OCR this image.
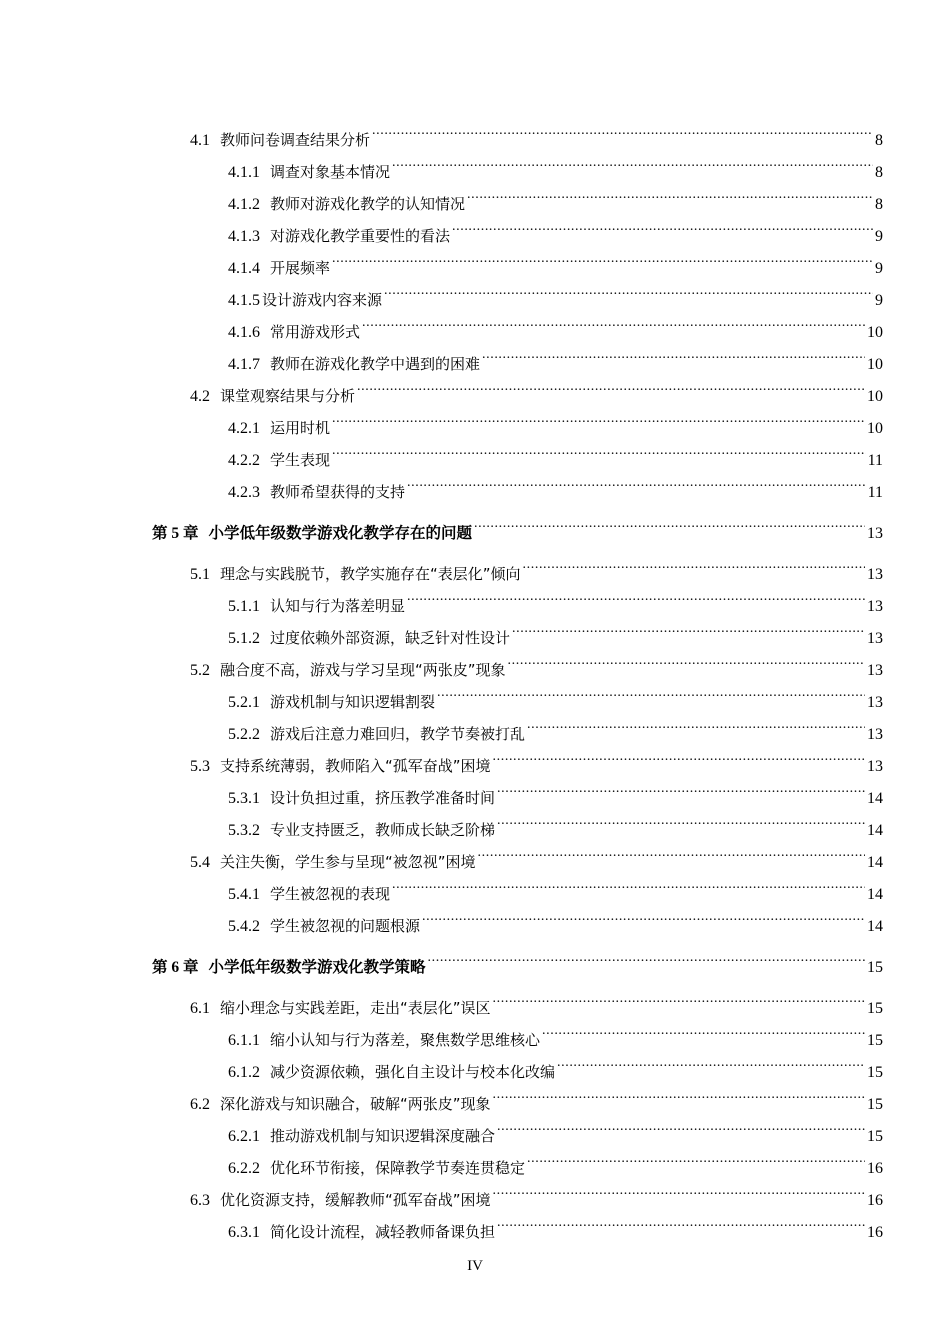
4.1 教师问卷调查结果分析 .....	8
4.1.1 调查对象基本情况 .....	8
4.1.2 教师对游戏化教学的认知情况 .....	8
4.1.3 对游戏化教学重要性的看法 .....	9
4.1.4 开展频率 .....	9
4.1.5 设计游戏内容来源 .....	9
4.1.6 常用游戏形式 .....	10
4.1.7 教师在游戏化教学中遇到的困难 .....	10
4.2 课堂观察结果与分析 .....	10
4.2.1 运用时机 .....	10
4.2.2 学生表现 .....	11
4.2.3 教师希望获得的支持 .....	11
第 5 章 小学低年级数学游戏化教学存在的问题 .....	13
5.1 理念与实践脱节，教学实施存在“表层化”倾向 .....	13
5.1.1 认知与行为落差明显 .....	13
5.1.2 过度依赖外部资源，缺乏针对性设计 .....	13
5.2 融合度不高，游戏与学习呈现“两张皮”现象 .....	13
5.2.1 游戏机制与知识逻辑割裂 .....	13
5.2.2 游戏后注意力难回归，教学节奏被打乱 .....	13
5.3 支持系统薄弱，教师陷入“孤军奋战”困境 .....	13
5.3.1 设计负担过重，挤压教学准备时间 .....	14
5.3.2 专业支持匮乏，教师成长缺乏阶梯 .....	14
5.4 关注失衡，学生参与呈现“被忽视”困境 .....	14
5.4.1 学生被忽视的表现 .....	14
5.4.2 学生被忽视的问题根源 .....	14
第 6 章 小学低年级数学游戏化教学策略 .....	15
6.1 缩小理念与实践差距，走出“表层化”误区 .....	15
6.1.1 缩小认知与行为落差，聚焦数学思维核心 .....	15
6.1.2 减少资源依赖，强化自主设计与校本化改编 .....	15
6.2 深化游戏与知识融合，破解“两张皮”现象 .....	15
6.2.1 推动游戏机制与知识逻辑深度融合 .....	15
6.2.2 优化环节衔接，保障教学节奏连贯稳定 .....	16
6.3 优化资源支持，缓解教师“孤军奋战”困境 .....	16
6.3.1 简化设计流程，减轻教师备课负担 .....	16
IV
